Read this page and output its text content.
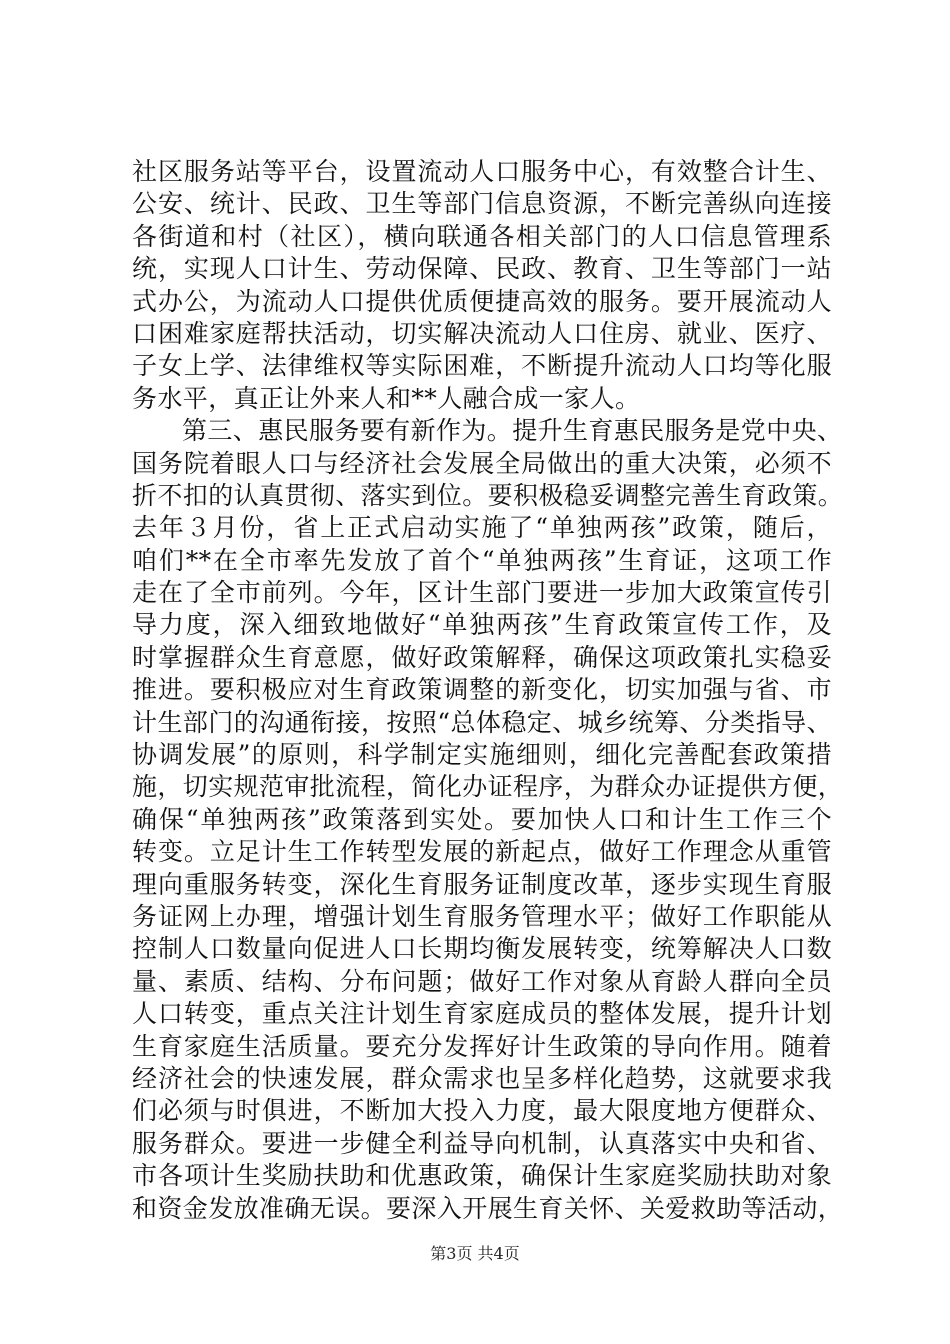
社区服务站等平台，设置流动人口服务中心，有效整合计生、
公安、统计、民政、卫生等部门信息资源，不断完善纵向连接
各街道和村（社区），横向联通各相关部门的人口信息管理系
统，实现人口计生、劳动保障、民政、教育、卫生等部门一站
式办公，为流动人口提供优质便捷高效的服务。要开展流动人
口困难家庭帮扶活动，切实解决流动人口住房、就业、医疗、
子女上学、法律维权等实际困难，不断提升流动人口均等化服
务水平，真正让外来人和**人融合成一家人。
第三、惠民服务要有新作为。提升生育惠民服务是党中央、
国务院着眼人口与经济社会发展全局做出的重大决策，必须不
折不扣的认真贯彻、落实到位。要积极稳妥调整完善生育政策。
去年３月份，省上正式启动实施了“单独两孩”政策，随后，
咱们**在全市率先发放了首个“单独两孩”生育证，这项工作
走在了全市前列。今年，区计生部门要进一步加大政策宣传引
导力度，深入细致地做好“单独两孩”生育政策宣传工作，及
时掌握群众生育意愿，做好政策解释，确保这项政策扎实稳妥
推进。要积极应对生育政策调整的新变化，切实加强与省、市
计生部门的沟通衔接，按照“总体稳定、城乡统筹、分类指导、
协调发展”的原则，科学制定实施细则，细化完善配套政策措
施，切实规范审批流程，简化办证程序，为群众办证提供方便，
确保“单独两孩”政策落到实处。要加快人口和计生工作三个
转变。立足计生工作转型发展的新起点，做好工作理念从重管
理向重服务转变，深化生育服务证制度改革，逐步实现生育服
务证网上办理，增强计划生育服务管理水平；做好工作职能从
控制人口数量向促进人口长期均衡发展转变，统筹解决人口数
量、素质、结构、分布问题；做好工作对象从育龄人群向全员
人口转变，重点关注计划生育家庭成员的整体发展，提升计划
生育家庭生活质量。要充分发挥好计生政策的导向作用。随着
经济社会的快速发展，群众需求也呈多样化趋势，这就要求我
们必须与时俱进，不断加大投入力度，最大限度地方便群众、
服务群众。要进一步健全利益导向机制，认真落实中央和省、
市各项计生奖励扶助和优惠政策，确保计生家庭奖励扶助对象
和资金发放准确无误。要深入开展生育关怀、关爱救助等活动，
第3页 共4页
